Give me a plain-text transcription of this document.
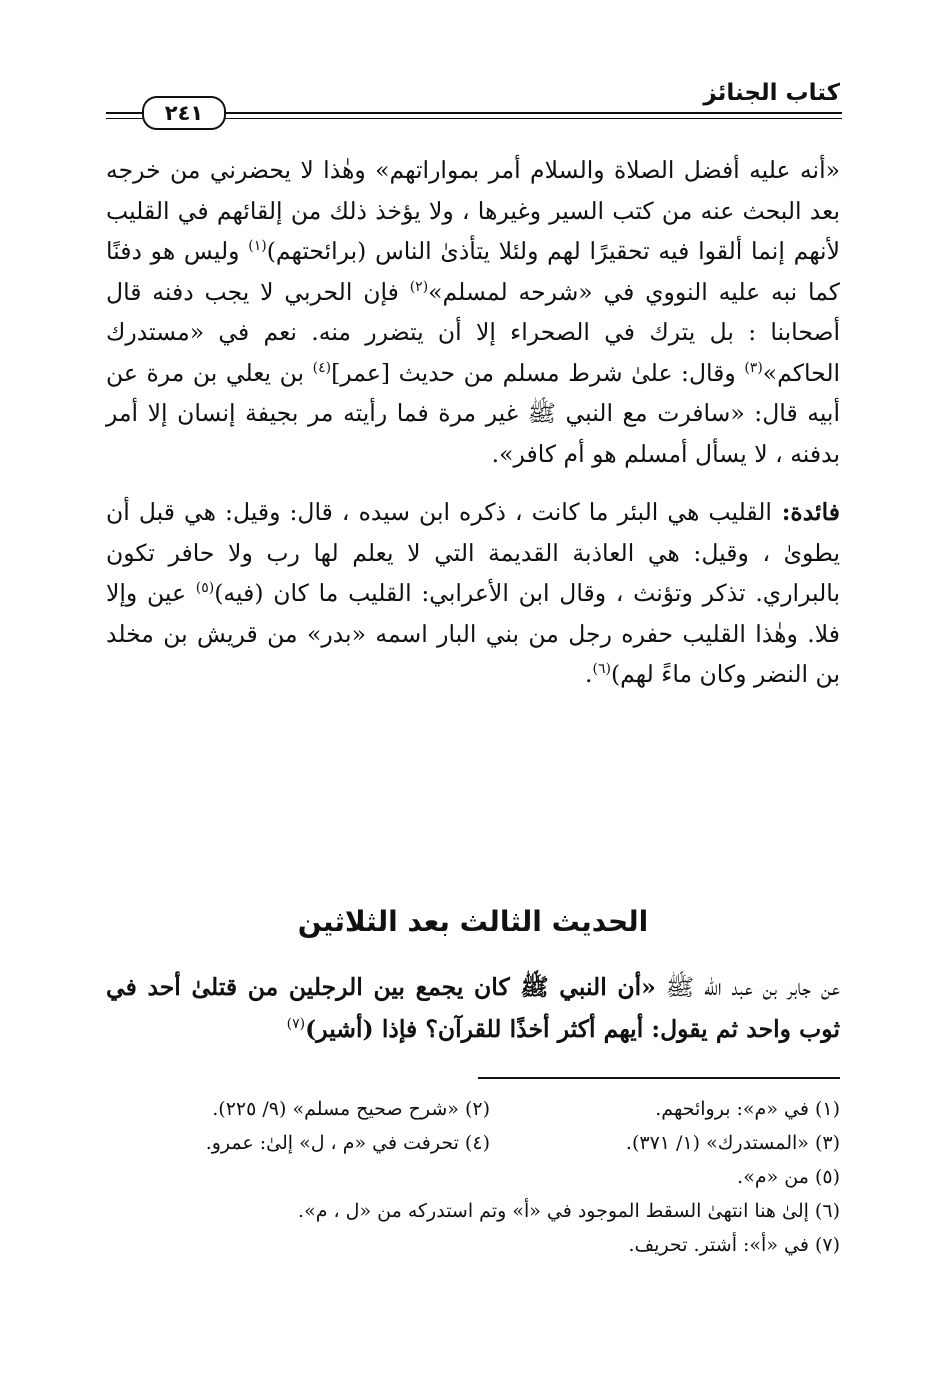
كتاب الجنائز
٢٤١

«أنه عليه أفضل الصلاة والسلام أمر بمواراتهم» وهٰذا لا يحضرني من خرجه بعد البحث عنه من كتب السير وغيرها ، ولا يؤخذ ذلك من إلقائهم في القليب لأنهم إنما ألقوا فيه تحقيرًا لهم ولئلا يتأذىٰ الناس (برائحتهم)$^{(١)}$ وليس هو دفنًا كما نبه عليه النووي في «شرحه لمسلم»$^{(٢)}$ فإن الحربي لا يجب دفنه قال أصحابنا : بل يترك في الصحراء إلا أن يتضرر منه. نعم في «مستدرك الحاكم»$^{(٣)}$ وقال: علىٰ شرط مسلم من حديث [عمر]$^{(٤)}$ بن يعلي بن مرة عن أبيه قال: «سافرت مع النبي ﷺ غير مرة فما رأيته مر بجيفة إنسان إلا أمر بدفنه ، لا يسأل أمسلم هو أم كافر».

فائدة: القليب هي البئر ما كانت ، ذكره ابن سيده ، قال: وقيل: هي قبل أن يطوىٰ ، وقيل: هي العاذبة القديمة التي لا يعلم لها رب ولا حافر تكون بالبراري. تذكر وتؤنث ، وقال ابن الأعرابي: القليب ما كان (فيه)$^{(٥)}$ عين وإلا فلا. وهٰذا القليب حفره رجل من بني البار اسمه «بدر» من قريش بن مخلد بن النضر وكان ماءً لهم)$^{(٦)}$.

الحديث الثالث بعد الثلاثين
عن جابر بن عبد الله ﷺ «أن النبي ﷺ كان يجمع بين الرجلين من قتلىٰ أحد في ثوب واحد ثم يقول: أيهم أكثر أخذًا للقرآن؟ فإذا (أشير)$^{(٧)}$
(١) في «م»: بروائحهم.
(٢) «شرح صحيح مسلم» (٩/ ٢٢٥).
(٣) «المستدرك» (١/ ٣٧١).
(٤) تحرفت في «م ، ل» إلىٰ: عمرو.
(٥) من «م».
(٦) إلىٰ هنا انتهىٰ السقط الموجود في «أ» وتم استدركه من «ل ، م».
(٧) في «أ»: أشتر. تحريف.
